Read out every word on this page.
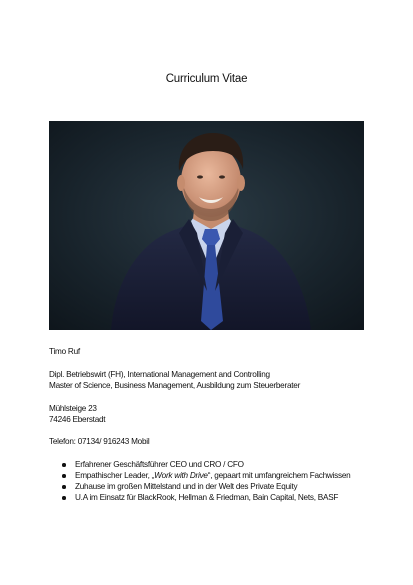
Curriculum Vitae
Timo Ruf
Dipl. Betriebswirt (FH), International Management and Controlling
Master of Science, Business Management, Ausbildung zum Steuerberater
Mühlsteige 23
74246 Eberstadt
Telefon: 07134/ 916243 Mobil
Erfahrener Geschäftsführer CEO und CRO / CFO
Empathischer Leader, „Work with Drive“, gepaart mit umfangreichem Fachwissen
Zuhause im großen Mittelstand und in der Welt des Private Equity
U.A im Einsatz für BlackRook, Hellman & Friedman, Bain Capital, Nets, BASF
